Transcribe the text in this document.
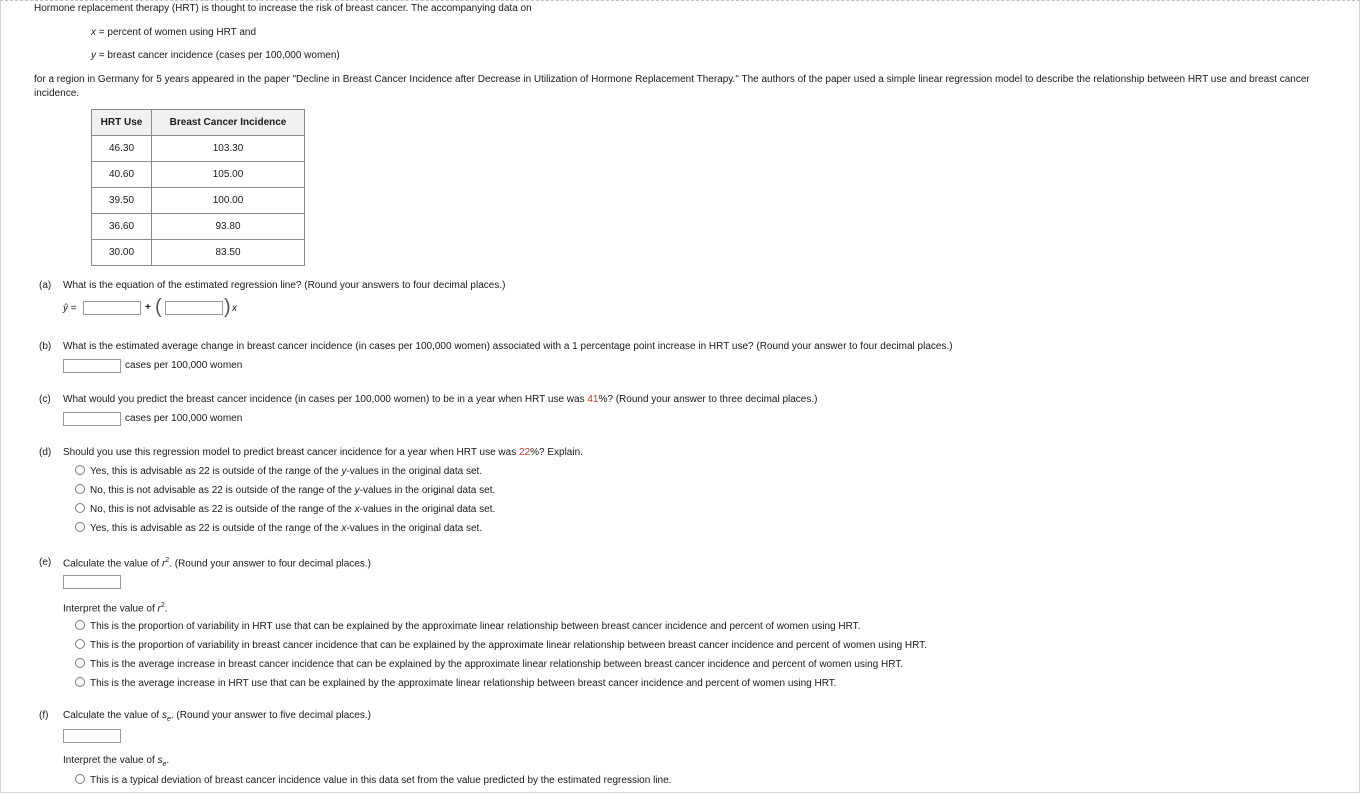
Hormone replacement therapy (HRT) is thought to increase the risk of breast cancer. The accompanying data on
x = percent of women using HRT and
y = breast cancer incidence (cases per 100,000 women)
for a region in Germany for 5 years appeared in the paper "Decline in Breast Cancer Incidence after Decrease in Utilization of Hormone Replacement Therapy." The authors of the paper used a simple linear regression model to describe the relationship between HRT use and breast cancer incidence.
HRT Use	Breast Cancer Incidence
46.30	103.30
40.60	105.00
39.50	100.00
36.60	93.80
30.00	83.50
(a) What is the equation of the estimated regression line? (Round your answers to four decimal places.)
ŷ =	+ (	) x
(b) What is the estimated average change in breast cancer incidence (in cases per 100,000 women) associated with a 1 percentage point increase in HRT use? (Round your answer to four decimal places.)
cases per 100,000 women
(c) What would you predict the breast cancer incidence (in cases per 100,000 women) to be in a year when HRT use was 41%? (Round your answer to three decimal places.)
cases per 100,000 women
(d) Should you use this regression model to predict breast cancer incidence for a year when HRT use was 22%? Explain.
Yes, this is advisable as 22 is outside of the range of the y-values in the original data set.
No, this is not advisable as 22 is outside of the range of the y-values in the original data set.
No, this is not advisable as 22 is outside of the range of the x-values in the original data set.
Yes, this is advisable as 22 is outside of the range of the x-values in the original data set.
(e) Calculate the value of $r^2$. (Round your answer to four decimal places.)
Interpret the value of $r^2$.
This is the proportion of variability in HRT use that can be explained by the approximate linear relationship between breast cancer incidence and percent of women using HRT.
This is the proportion of variability in breast cancer incidence that can be explained by the approximate linear relationship between breast cancer incidence and percent of women using HRT.
This is the average increase in breast cancer incidence that can be explained by the approximate linear relationship between breast cancer incidence and percent of women using HRT.
This is the average increase in HRT use that can be explained by the approximate linear relationship between breast cancer incidence and percent of women using HRT.
(f) Calculate the value of $s_e$. (Round your answer to five decimal places.)
Interpret the value of $s_e$.
This is a typical deviation of breast cancer incidence value in this data set from the value predicted by the estimated regression line.
